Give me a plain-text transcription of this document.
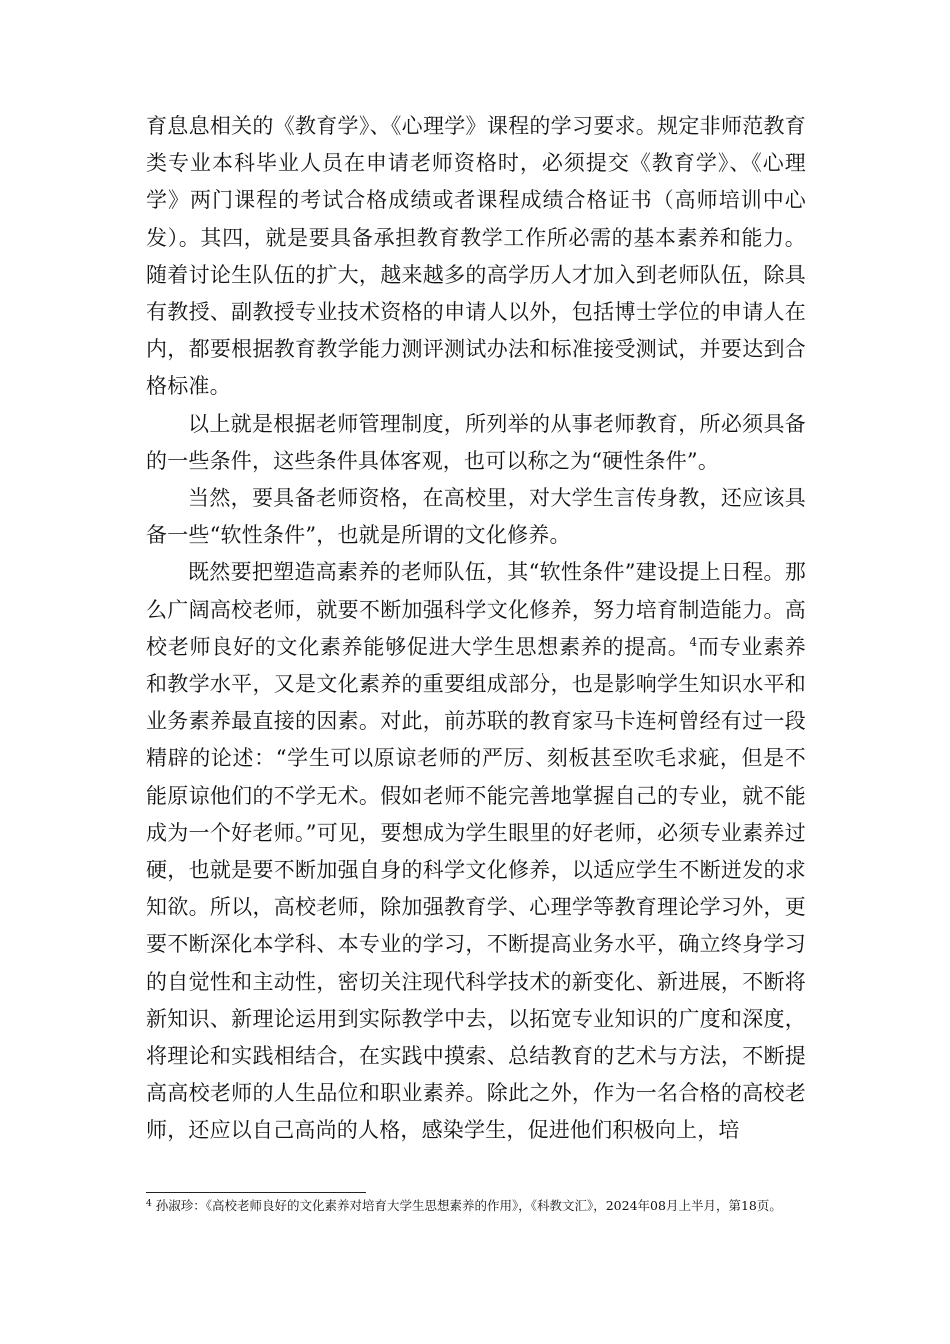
育息息相关的《教育学》、《心理学》课程的学习要求。规定非师范教育类专业本科毕业人员在申请老师资格时，必须提交《教育学》、《心理学》两门课程的考试合格成绩或者课程成绩合格证书（高师培训中心发）。其四，就是要具备承担教育教学工作所必需的基本素养和能力。随着讨论生队伍的扩大，越来越多的高学历人才加入到老师队伍，除具有教授、副教授专业技术资格的申请人以外，包括博士学位的申请人在内，都要根据教育教学能力测评测试办法和标准接受测试，并要达到合格标准。

以上就是根据老师管理制度，所列举的从事老师教育，所必须具备的一些条件，这些条件具体客观，也可以称之为“硬性条件”。

当然，要具备老师资格，在高校里，对大学生言传身教，还应该具备一些“软性条件”，也就是所谓的文化修养。

既然要把塑造高素养的老师队伍，其“软性条件”建设提上日程。那么广阔高校老师，就要不断加强科学文化修养，努力培育制造能力。高校老师良好的文化素养能够促进大学生思想素养的提高。$^4$而专业素养和教学水平，又是文化素养的重要组成部分，也是影响学生知识水平和业务素养最直接的因素。对此，前苏联的教育家马卡连柯曾经有过一段精辟的论述：“学生可以原谅老师的严厉、刻板甚至吹毛求疵，但是不能原谅他们的不学无术。假如老师不能完善地掌握自己的专业，就不能成为一个好老师。”可见，要想成为学生眼里的好老师，必须专业素养过硬，也就是要不断加强自身的科学文化修养，以适应学生不断迸发的求知欲。所以，高校老师，除加强教育学、心理学等教育理论学习外，更要不断深化本学科、本专业的学习，不断提高业务水平，确立终身学习的自觉性和主动性，密切关注现代科学技术的新变化、新进展，不断将新知识、新理论运用到实际教学中去，以拓宽专业知识的广度和深度，将理论和实践相结合，在实践中摸索、总结教育的艺术与方法，不断提高高校老师的人生品位和职业素养。除此之外，作为一名合格的高校老师，还应以自己高尚的人格，感染学生，促进他们积极向上，培

$^4$ 孙淑珍：《高校老师良好的文化素养对培育大学生思想素养的作用》，《科教文汇》，2024年08月上半月，第18页。
